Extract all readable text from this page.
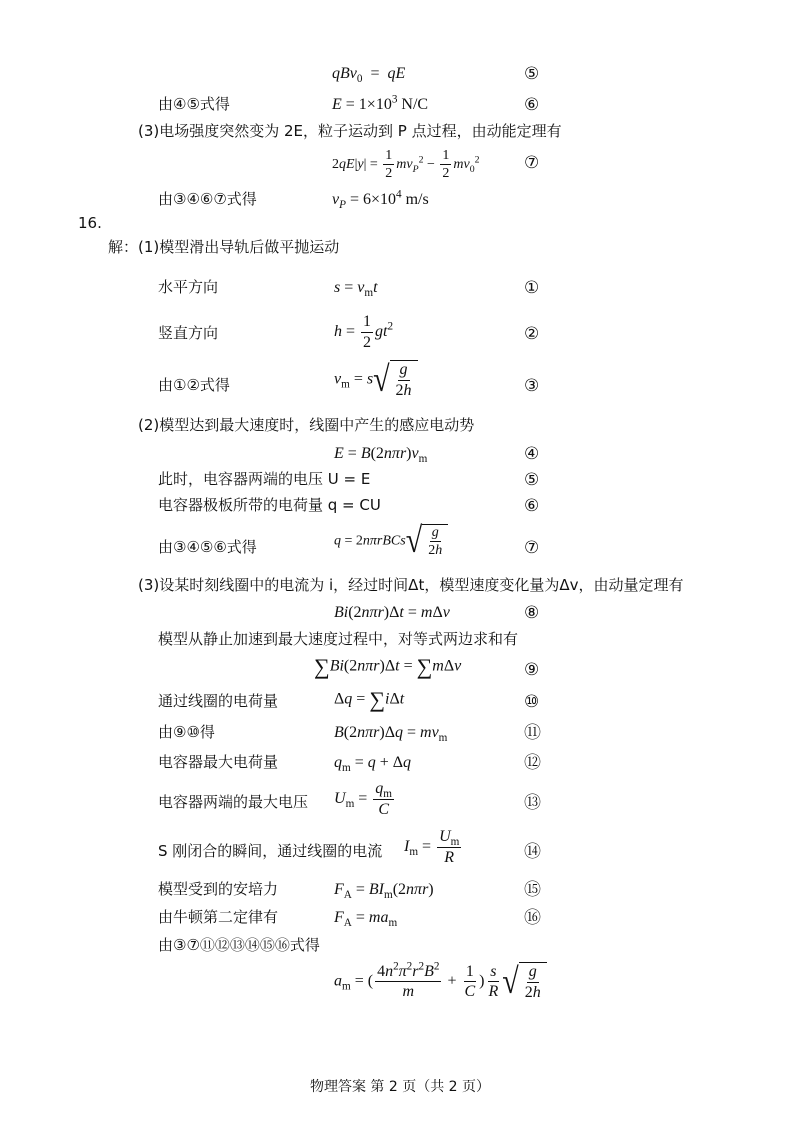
qBv$_0$  =  qE	⑤
由④⑤式得	$E = 1\times 10^3$ N/C	⑥
(3)电场强度突然变为 2E，粒子运动到 P 点过程，由动能定理有
$2qE|y| = \frac{1}{2} mv_P^2 - \frac{1}{2} mv_0^2$	⑦
由③④⑥⑦式得	$v_P = 6\times 10^4$ m/s
16.
解：(1)模型滑出导轨后做平抛运动
水平方向	$s = v_mt$	①
竖直方向	$h = \frac{1}{2} gt^2$	②
由①②式得	$v_m = s$ √ $\frac{g}{2h}$	③
(2)模型达到最大速度时，线圈中产生的感应电动势
$E = B(2n\pi r)v_m$	④
此时，电容器两端的电压 U = E	⑤
电容器极板所带的电荷量 q = CU	⑥
由③④⑤⑥式得	q = 2nπrBCs √ $\frac{g}{2h}$	⑦
(3)设某时刻线圈中的电流为 i，经过时间Δt，模型速度变化量为Δv，由动量定理有
Bi(2nπr)Δt = mΔv	⑧
模型从静止加速到最大速度过程中，对等式两边求和有
∑Bi(2nπr)Δt = ∑mΔv	⑨
通过线圈的电荷量	Δq = ∑iΔt	⑩
由⑨⑩得	$B(2n\pi r)\Delta q = mv_m$	⑪
电容器最大电荷量	$q_m = q + \Delta q$	⑫
电容器两端的最大电压 $U_m = \frac{q_m}{C}$	⑬
S 刚闭合的瞬间，通过线圈的电流 $I_m = \frac{U_m}{R}$	⑭
模型受到的安培力	$F_A = BI_m(2n\pi r)$	⑮
由牛顿第二定律有	$F_A = ma_m$	⑯
由③⑦⑪⑫⑬⑭⑮⑯式得
$a_m$ = ( $\frac{4n^2\pi^2r^2B^2}{m} + \frac{1}{C}$ ) $\frac{s}{R}$ √ $\frac{g}{2h}$
物理答案 第 2 页（共 2 页）
